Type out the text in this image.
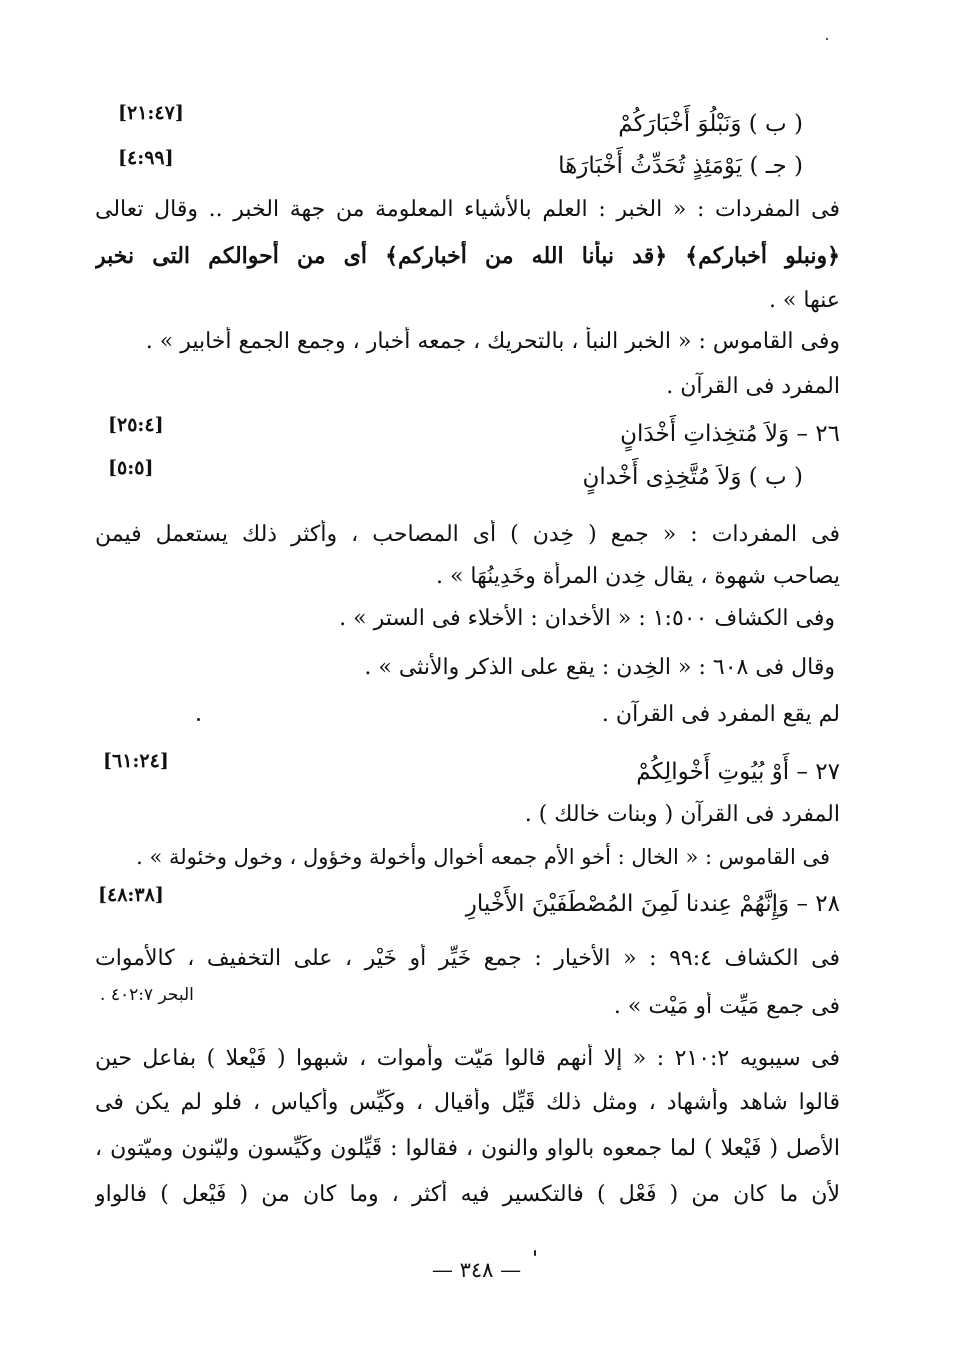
( ب ) وَنَبْلُوَ أَخْبَارَكُمْ
[٢١:٤٧]
( جـ ) يَوْمَئِذٍ تُحَدِّثُ أَخْبَارَهَا
[٤:٩٩]
فى المفردات : « الخبر : العلم بالأشياء المعلومة من جهة الخبر .. وقال تعالى
﴿ونبلو أخباركم﴾ ﴿قد نبأنا الله من أخباركم﴾ أى من أحوالكم التى نخبر
عنها » .
وفى القاموس : « الخبر النبأ ، بالتحريك ، جمعه أخبار ، وجمع الجمع أخابير » .
المفرد فى القرآن .
٢٦ – وَلاَ مُتخِذاتِ أَخْدَانٍ
[٢٥:٤]
( ب ) وَلاَ مُتَّخِذِى أَخْدانٍ
[٥:٥]
فى المفردات : « جمع ( خِدن ) أى المصاحب ، وأكثر ذلك يستعمل فيمن
يصاحب شهوة ، يقال خِدن المرأة وخَدِينُهَا » .
وفى الكشاف ١:٥٠٠ : « الأخدان : الأخلاء فى الستر » .
وقال فى ٦٠٨ : « الخِدن : يقع على الذكر والأنثى » .
لم يقع المفرد فى القرآن .
٢٧ – أَوْ بُيُوتِ أَخْوالِكُمْ
[٦١:٢٤]
المفرد فى القرآن ( وبنات خالك ) .
فى القاموس : « الخال : أخو الأم جمعه أخوال وأخولة وخؤول ، وخول وخئولة » .
٢٨ – وَإِنَّهُمْ عِندنا لَمِنَ المُصْطَفَيْنَ الأَخْيارِ
[٤٨:٣٨]
فى الكشاف ٩٩:٤ : « الأخيار : جمع خَيِّر أو خَيْر ، على التخفيف ، كالأموات
البحر ٤٠٢:٧ .	فى جمع مَيِّت أو مَيْت » .
فى سيبويه ٢١٠:٢ : « إلا أنهم قالوا مَيّت وأموات ، شبهوا ( فَيْعلا ) بفاعل حين
قالوا شاهد وأشهاد ، ومثل ذلك قَيِّل وأقيال ، وكَيِّس وأكياس ، فلو لم يكن فى
الأصل ( فَيْعلا ) لما جمعوه بالواو والنون ، فقالوا : قَيِّلون وكَيِّسون وليّنون وميّتون ،
لأن ما كان من ( فَعْل ) فالتكسير فيه أكثر ، وما كان من ( فَيْعل ) فالواو
— ٣٤٨ —
